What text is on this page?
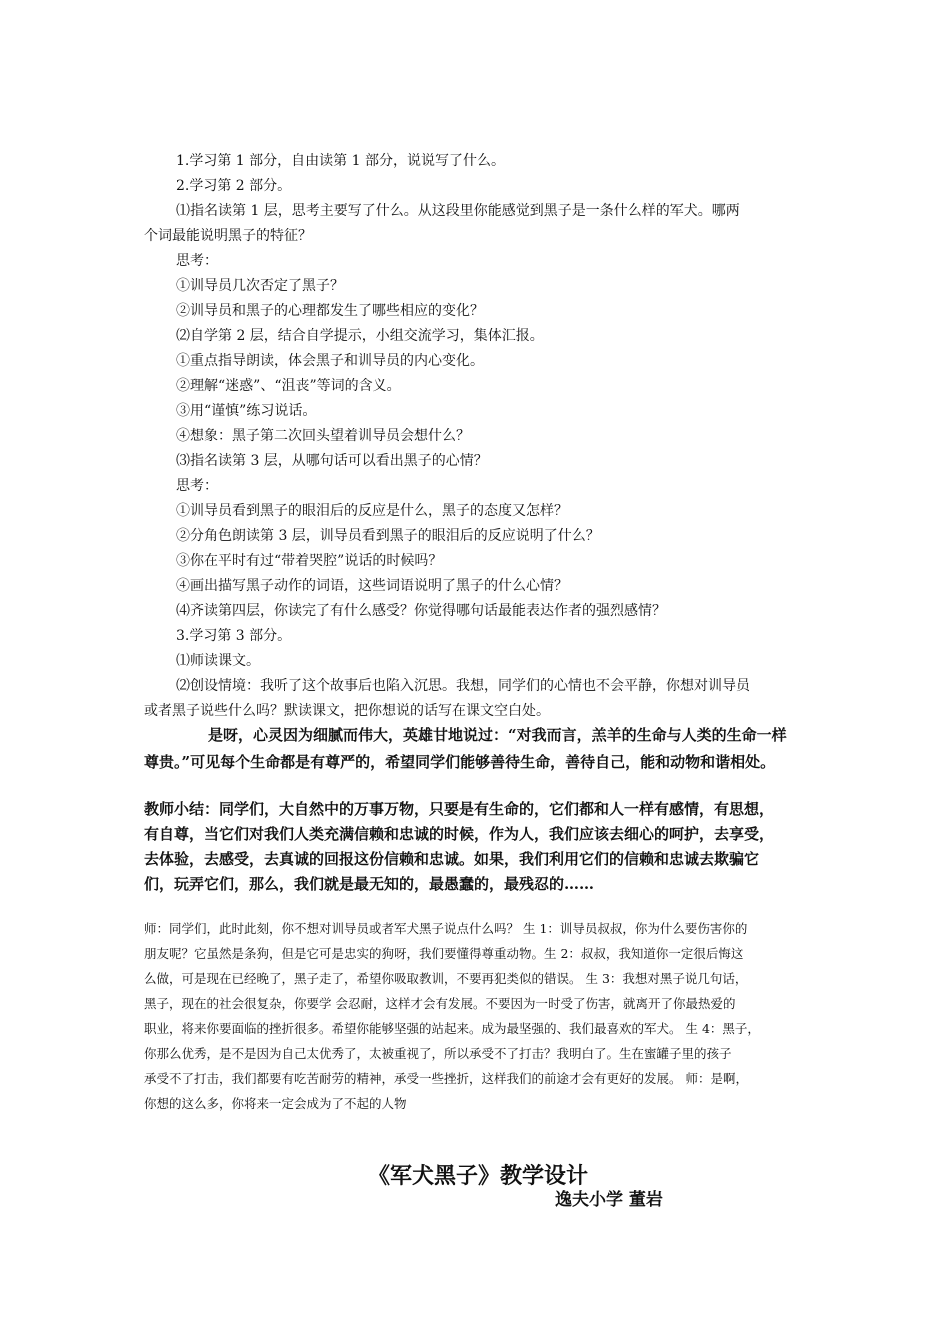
1.学习第 1 部分，自由读第 1 部分，说说写了什么。
2.学习第 2 部分。
⑴指名读第 1 层，思考主要写了什么。从这段里你能感觉到黑子是一条什么样的军犬。哪两
个词最能说明黑子的特征？
思考：
①训导员几次否定了黑子？
②训导员和黑子的心理都发生了哪些相应的变化？
⑵自学第 2 层，结合自学提示，小组交流学习，集体汇报。
①重点指导朗读，体会黑子和训导员的内心变化。
②理解“迷惑”、“沮丧”等词的含义。
③用“谨慎”练习说话。
④想象：黑子第二次回头望着训导员会想什么？
⑶指名读第 3 层，从哪句话可以看出黑子的心情？
思考：
①训导员看到黑子的眼泪后的反应是什么，黑子的态度又怎样？
②分角色朗读第 3 层，训导员看到黑子的眼泪后的反应说明了什么？
③你在平时有过“带着哭腔”说话的时候吗？
④画出描写黑子动作的词语，这些词语说明了黑子的什么心情？
⑷齐读第四层，你读完了有什么感受？你觉得哪句话最能表达作者的强烈感情？
3.学习第 3 部分。
⑴师读课文。
⑵创设情境：我听了这个故事后也陷入沉思。我想，同学们的心情也不会平静，你想对训导员
或者黑子说些什么吗？默读课文，把你想说的话写在课文空白处。
是呀，心灵因为细腻而伟大，英雄甘地说过：“对我而言，羔羊的生命与人类的生命一样
尊贵。”可见每个生命都是有尊严的，希望同学们能够善待生命，善待自己，能和动物和谐相处。
教师小结：同学们，大自然中的万事万物，只要是有生命的，它们都和人一样有感情，有思想，
有自尊，当它们对我们人类充满信赖和忠诚的时候，作为人，我们应该去细心的呵护，去享受，
去体验，去感受，去真诚的回报这份信赖和忠诚。如果，我们利用它们的信赖和忠诚去欺骗它
们，玩弄它们，那么，我们就是最无知的，最愚蠢的，最残忍的……
师：同学们，此时此刻，你不想对训导员或者军犬黑子说点什么吗？ 生 1：训导员叔叔，你为什么要伤害你的
朋友呢？它虽然是条狗，但是它可是忠实的狗呀，我们要懂得尊重动物。生 2：叔叔，我知道你一定很后悔这
么做，可是现在已经晚了，黑子走了，希望你吸取教训，不要再犯类似的错误。 生 3：我想对黑子说几句话，
黑子，现在的社会很复杂，你要学 会忍耐，这样才会有发展。不要因为一时受了伤害，就离开了你最热爱的
职业，将来你要面临的挫折很多。希望你能够坚强的站起来。成为最坚强的、我们最喜欢的军犬。 生 4：黑子，
你那么优秀，是不是因为自己太优秀了，太被重视了，所以承受不了打击？我明白了。生在蜜罐子里的孩子
承受不了打击，我们都要有吃苦耐劳的精神，承受一些挫折，这样我们的前途才会有更好的发展。 师：是啊，
你想的这么多，你将来一定会成为了不起的人物
《军犬黑子》教学设计
逸夫小学 董岩
